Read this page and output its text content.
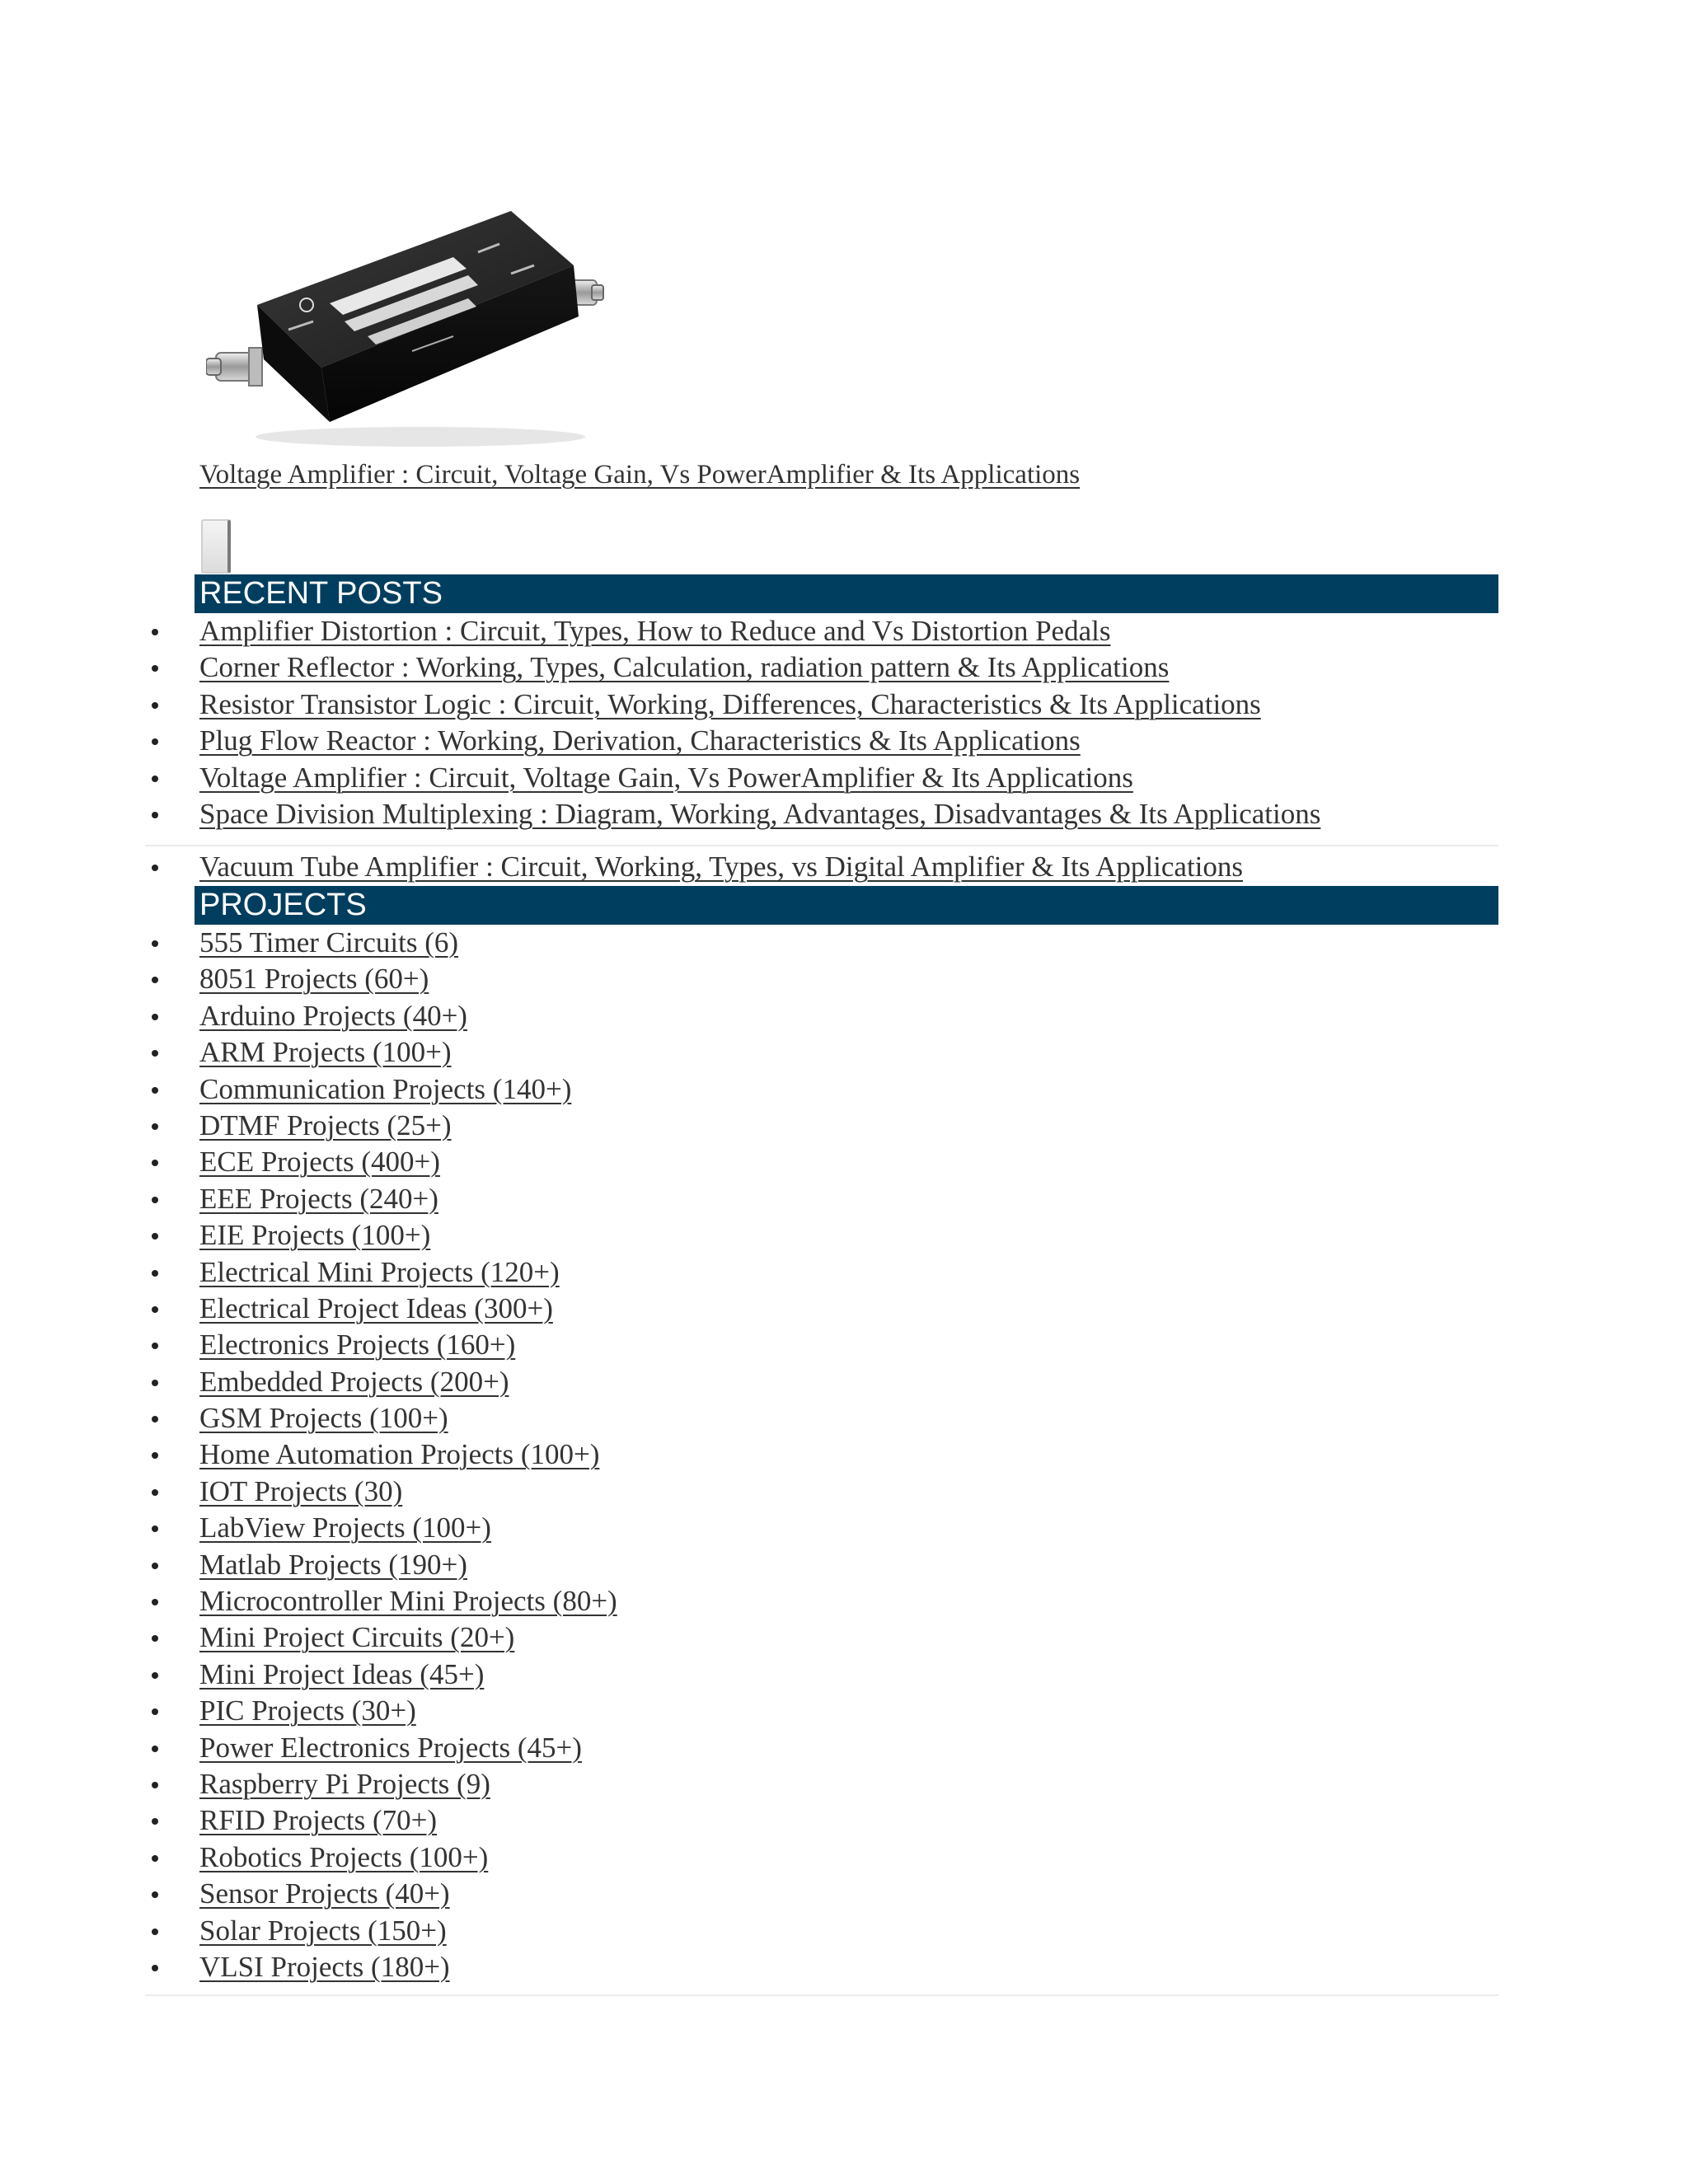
Voltage Amplifier : Circuit, Voltage Gain, Vs PowerAmplifier & Its Applications
RECENT POSTS
Amplifier Distortion : Circuit, Types, How to Reduce and Vs Distortion Pedals
Corner Reflector : Working, Types, Calculation, radiation pattern & Its Applications
Resistor Transistor Logic : Circuit, Working, Differences, Characteristics & Its Applications
Plug Flow Reactor : Working, Derivation, Characteristics & Its Applications
Voltage Amplifier : Circuit, Voltage Gain, Vs PowerAmplifier & Its Applications
Space Division Multiplexing : Diagram, Working, Advantages, Disadvantages & Its Applications
Vacuum Tube Amplifier : Circuit, Working, Types, vs Digital Amplifier & Its Applications
PROJECTS
555 Timer Circuits (6)
8051 Projects (60+)
Arduino Projects (40+)
ARM Projects (100+)
Communication Projects (140+)
DTMF Projects (25+)
ECE Projects (400+)
EEE Projects (240+)
EIE Projects (100+)
Electrical Mini Projects (120+)
Electrical Project Ideas (300+)
Electronics Projects (160+)
Embedded Projects (200+)
GSM Projects (100+)
Home Automation Projects (100+)
IOT Projects (30)
LabView Projects (100+)
Matlab Projects (190+)
Microcontroller Mini Projects (80+)
Mini Project Circuits (20+)
Mini Project Ideas (45+)
PIC Projects (30+)
Power Electronics Projects (45+)
Raspberry Pi Projects (9)
RFID Projects (70+)
Robotics Projects (100+)
Sensor Projects (40+)
Solar Projects (150+)
VLSI Projects (180+)
